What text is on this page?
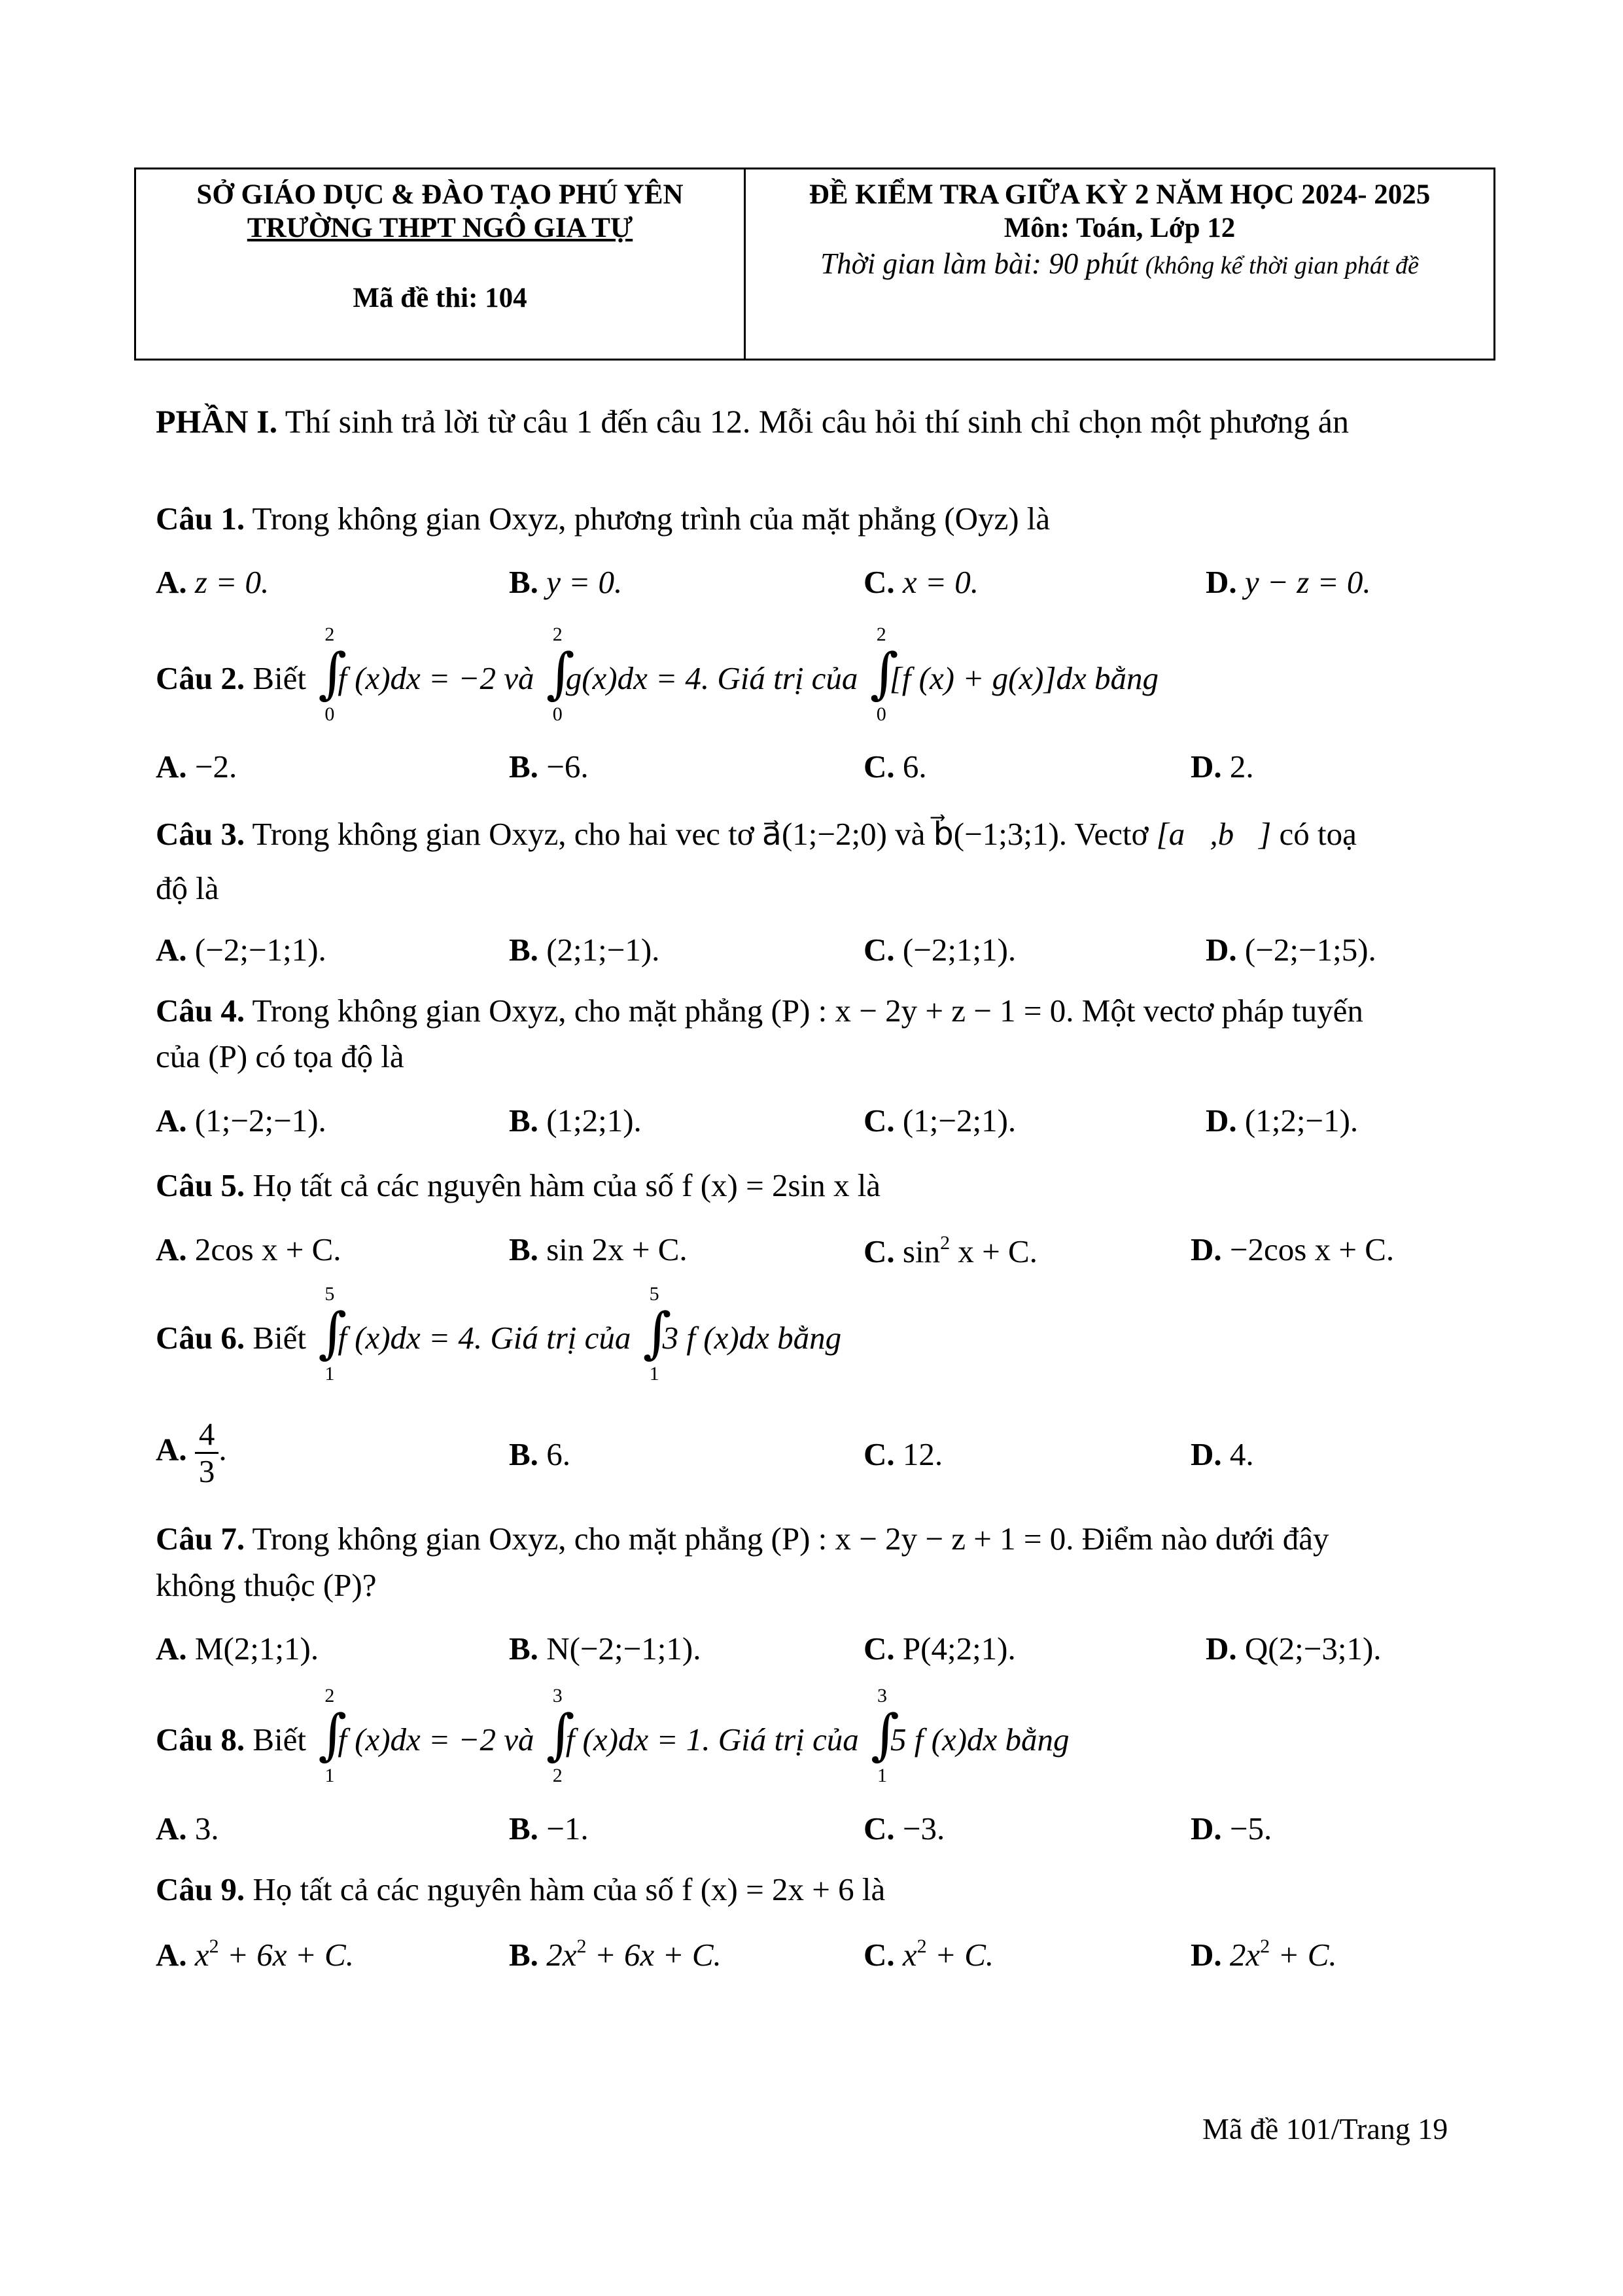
SỞ GIÁO DỤC & ĐÀO TẠO PHÚ YÊN
TRƯỜNG THPT NGÔ GIA TỰ
Mã đề thi: 104
ĐỀ KIỂM TRA GIỮA KỲ 2 NĂM HỌC 2024- 2025
Môn: Toán, Lớp 12
Thời gian làm bài: 90 phút (không kể thời gian phát đề
PHẦN I. Thí sinh trả lời từ câu 1 đến câu 12. Mỗi câu hỏi thí sinh chỉ chọn một phương án
Câu 1. Trong không gian Oxyz, phương trình của mặt phẳng (Oyz) là
A. z = 0.	B. y = 0.	C. x = 0.	D. y − z = 0.
Câu 2. Biết ∫
2
0
f (x)dx = −2 và ∫
2
0
g(x)dx = 4. Giá trị của ∫
2
0
[f (x) + g(x)]dx bằng
A. −2.	B. −6.	C. 6.	D. 2.
Câu 3. Trong không gian Oxyz, cho hai vec tơ a⃗(1;−2;0) và b⃗(−1;3;1). Vectơ [a⃗,b⃗] có toạ
độ là
A. (−2;−1;1).	B. (2;1;−1).	C. (−2;1;1).	D. (−2;−1;5).
Câu 4. Trong không gian Oxyz, cho mặt phẳng (P) : x − 2y + z − 1 = 0. Một vectơ pháp tuyến
của (P) có tọa độ là
A. (1;−2;−1).	B. (1;2;1).	C. (1;−2;1).	D. (1;2;−1).
Câu 5. Họ tất cả các nguyên hàm của số f (x) = 2sin x là
A. 2cos x + C.	B. sin 2x + C.	C. $\sin^2 x + C$.	D. −2cos x + C.
Câu 6. Biết ∫
5
1
f (x)dx = 4. Giá trị của ∫
5
1
3 f (x)dx bằng
A. $\frac{4}{3}$ .	B. 6.	C. 12.	D. 4.
Câu 7. Trong không gian Oxyz, cho mặt phẳng (P) : x − 2y − z + 1 = 0. Điểm nào dưới đây
không thuộc (P)?
A. M(2;1;1).	B. N(−2;−1;1).	C. P(4;2;1).	D. Q(2;−3;1).
Câu 8. Biết ∫
2
1
f (x)dx = −2 và ∫
3
2
f (x)dx = 1. Giá trị của ∫
3
1
5 f (x)dx bằng
A. 3.	B. −1.	C. −3.	D. −5.
Câu 9. Họ tất cả các nguyên hàm của số f (x) = 2x + 6 là
A. $x^2 + 6x + C$.	B. $2x^2 + 6x + C$.	C. $x^2 + C$.	D. $2x^2 + C$.
Mã đề 101/Trang 19
